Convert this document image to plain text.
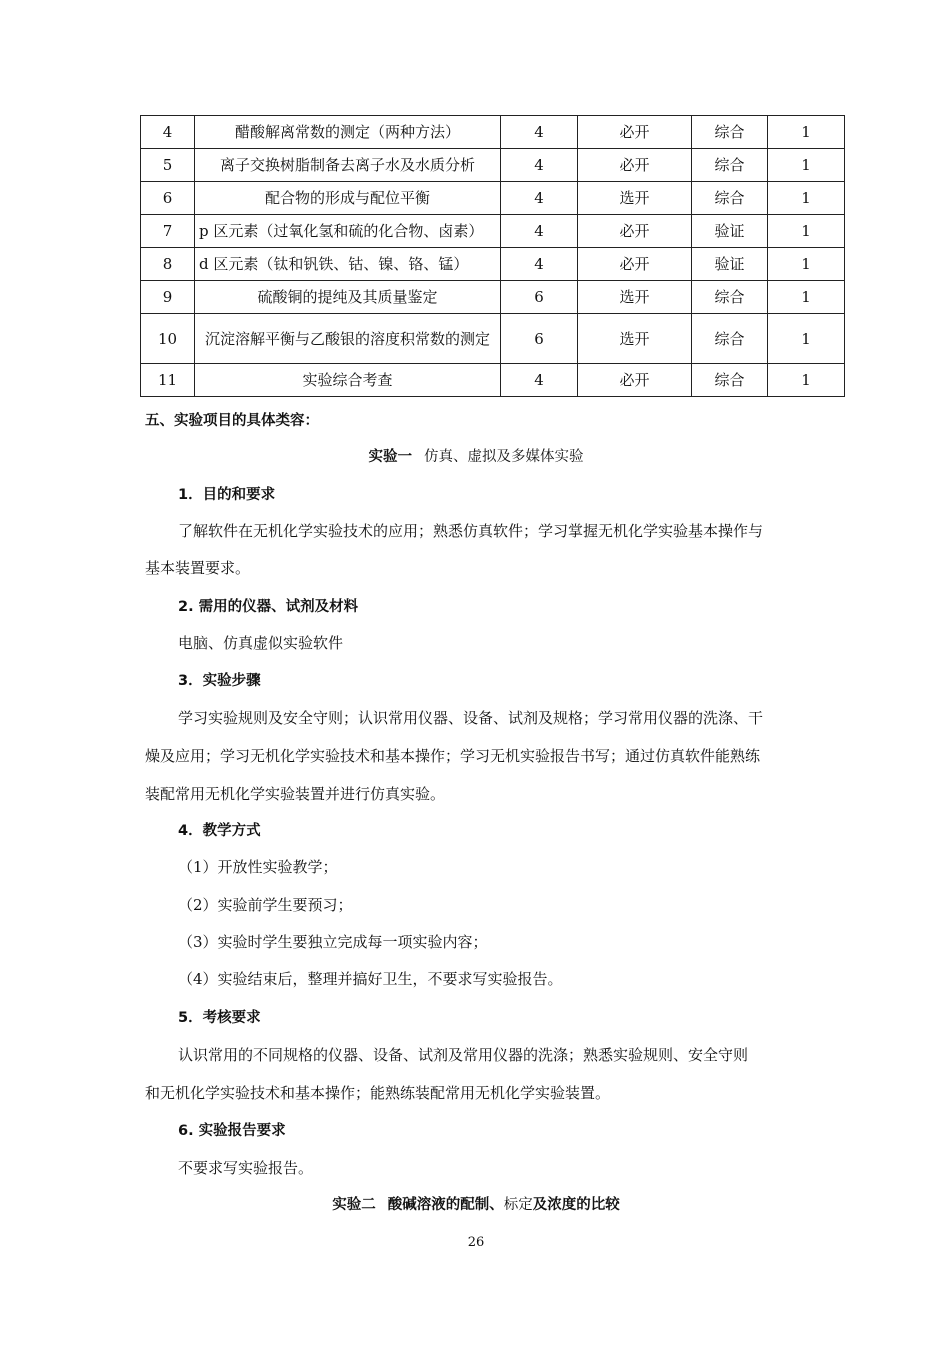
4	醋酸解离常数的测定（两种方法）	4	必开	综合	1
5	离子交换树脂制备去离子水及水质分析	4	必开	综合	1
6	配合物的形成与配位平衡	4	选开	综合	1
7	p 区元素（过氧化氢和硫的化合物、卤素）	4	必开	验证	1
8	d 区元素（钛和钒铁、钴、镍、铬、锰）	4	必开	验证	1
9	硫酸铜的提纯及其质量鉴定	6	选开	综合	1
10	沉淀溶解平衡与乙酸银的溶度积常数的测定	6	选开	综合	1
11	实验综合考查	4	必开	综合	1
五、实验项目的具体类容：
实验一 仿真、虚拟及多媒体实验
1．目的和要求
了解软件在无机化学实验技术的应用；熟悉仿真软件；学习掌握无机化学实验基本操作与
基本装置要求。
2. 需用的仪器、试剂及材料
电脑、仿真虚似实验软件
3．实验步骤
学习实验规则及安全守则；认识常用仪器、设备、试剂及规格；学习常用仪器的洗涤、干
燥及应用；学习无机化学实验技术和基本操作；学习无机实验报告书写；通过仿真软件能熟练
装配常用无机化学实验装置并进行仿真实验。
4．教学方式
（1）开放性实验教学；
（2）实验前学生要预习；
（3）实验时学生要独立完成每一项实验内容；
（4）实验结束后，整理并搞好卫生，不要求写实验报告。
5．考核要求
认识常用的不同规格的仪器、设备、试剂及常用仪器的洗涤；熟悉实验规则、安全守则
和无机化学实验技术和基本操作；能熟练装配常用无机化学实验装置。
6. 实验报告要求
不要求写实验报告。
实验二 酸碱溶液的配制、标定及浓度的比较
26
